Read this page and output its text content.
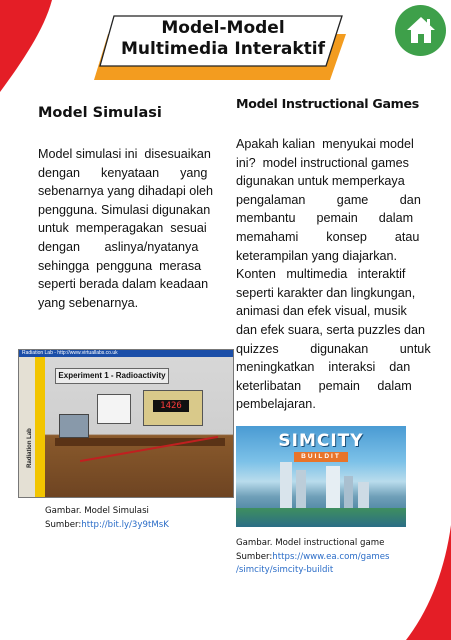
Model-Model
Multimedia Interaktif
Model Simulasi
Model simulasi ini  disesuaikan
dengan      kenyataan      yang
sebenarnya yang dihadapi oleh
pengguna. Simulasi digunakan
untuk  memperagakan  sesuai
dengan       aslinya/nyatanya
sehingga  pengguna  merasa
seperti berada dalam keadaan
yang sebenarnya.
Radiation Lab - http://www.virtuallabs.co.uk
Radiation Lab
Experiment 1 - Radioactivity
1426
Gambar. Model Simulasi
Sumber:http://bit.ly/3y9tMsK
Model Instructional Games
Apakah kalian  menyukai model
ini?  model instructional games
digunakan untuk memperkaya
pengalaman         game         dan
membantu      pemain      dalam
memahami        konsep        atau
keterampilan yang diajarkan.
Konten   multimedia   interaktif
seperti karakter dan lingkungan,
animasi dan efek visual, musik
dan efek suara, serta puzzles dan
quizzes         digunakan         untuk
meningkatkan    interaksi    dan
keterlibatan     pemain     dalam
pembelajaran.
SIMCITY
BUILDIT
Gambar. Model instructional game
Sumber:https://www.ea.com/games
/simcity/simcity-buildit
